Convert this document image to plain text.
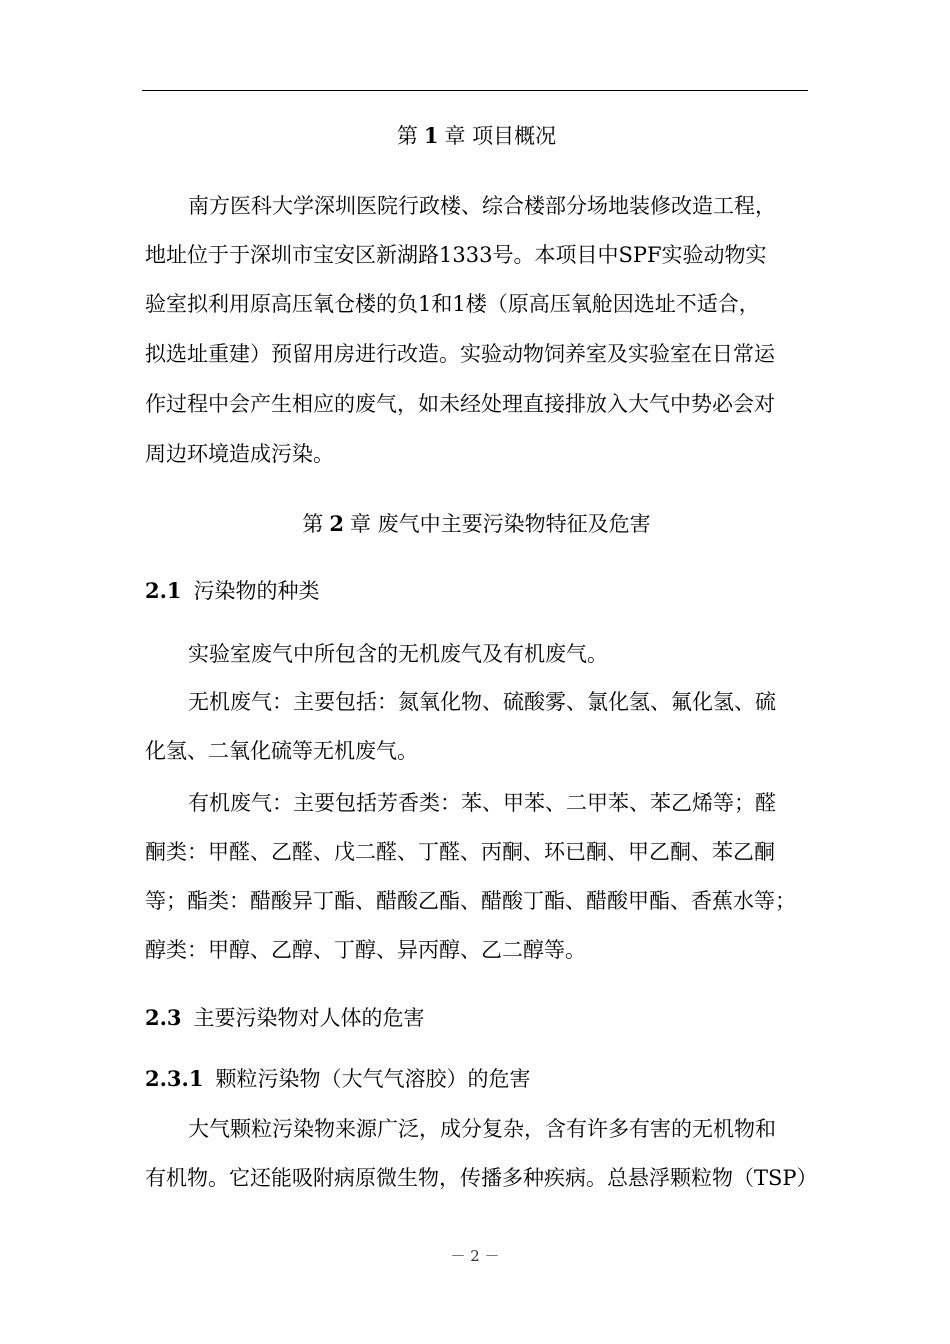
第 1 章 项目概况
南方医科大学深圳医院行政楼、综合楼部分场地装修改造工程，
地址位于于深圳市宝安区新湖路1333号。本项目中SPF实验动物实
验室拟利用原高压氧仓楼的负1和1楼（原高压氧舱因选址不适合，
拟选址重建）预留用房进行改造。实验动物饲养室及实验室在日常运
作过程中会产生相应的废气，如未经处理直接排放入大气中势必会对
周边环境造成污染。
第 2 章 废气中主要污染物特征及危害
2.1 污染物的种类
实验室废气中所包含的无机废气及有机废气。
无机废气：主要包括：氮氧化物、硫酸雾、氯化氢、氟化氢、硫
化氢、二氧化硫等无机废气。
有机废气：主要包括芳香类：苯、甲苯、二甲苯、苯乙烯等；醛
酮类：甲醛、乙醛、戊二醛、丁醛、丙酮、环已酮、甲乙酮、苯乙酮
等；酯类：醋酸异丁酯、醋酸乙酯、醋酸丁酯、醋酸甲酯、香蕉水等；
醇类：甲醇、乙醇、丁醇、异丙醇、乙二醇等。
2.3 主要污染物对人体的危害
2.3.1 颗粒污染物（大气气溶胶）的危害
大气颗粒污染物来源广泛，成分复杂，含有许多有害的无机物和
有机物。它还能吸附病原微生物，传播多种疾病。总悬浮颗粒物（TSP）
－ 2 －
